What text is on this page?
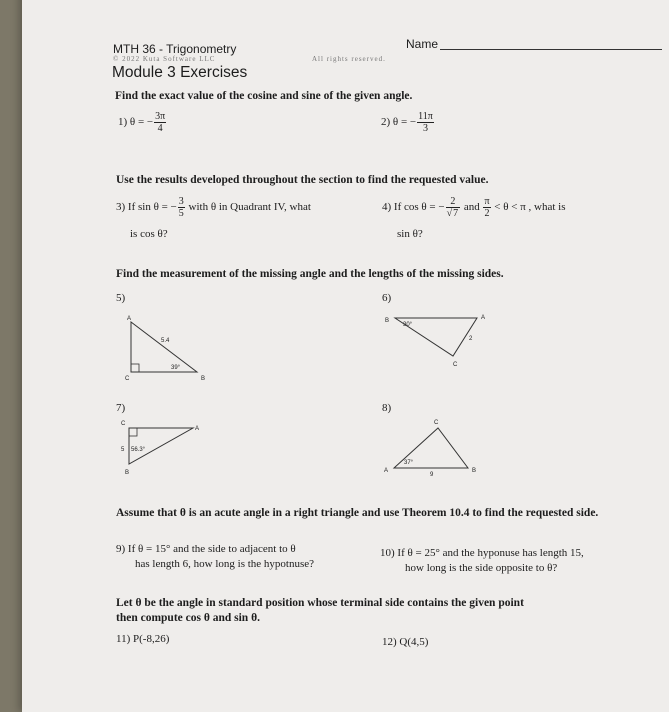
MTH 36 - Trigonometry
© 2022 Kuta Software LLC	All rights reserved.
Name
Module 3 Exercises
Find the exact value of the cosine and sine of the given angle.
1) θ = − $\frac{3\pi}{4}$	2) θ = − $\frac{11\pi}{3}$
Use the results developed throughout the section to find the requested value.
3) If sin θ = − $\frac{3}{5}$ with θ in Quadrant IV, what
is cos θ?
4) If cos θ = − $\frac{2}{√7}$ and $\frac{\pi}{2} < \theta < \pi$ , what is
sin θ?
Find the measurement of the missing angle and the lengths of the missing sides.
5)	6)
7)	8)
A
C	B
5.4
39°
B	A
C
2
30°
C
A
B
5 56.3°
C
A	B
9
37°
Assume that θ is an acute angle in a right triangle and use Theorem 10.4 to find the requested side.
9) If θ = 15° and the side to adjacent to θ
has length 6, how long is the hypotnuse?
10) If θ = 25° and the hyponuse has length 15,
how long is the side opposite to θ?
Let θ be the angle in standard position whose terminal side contains the given point then compute cos θ and sin θ.
11) P(-8,26)	12) Q(4,5)
